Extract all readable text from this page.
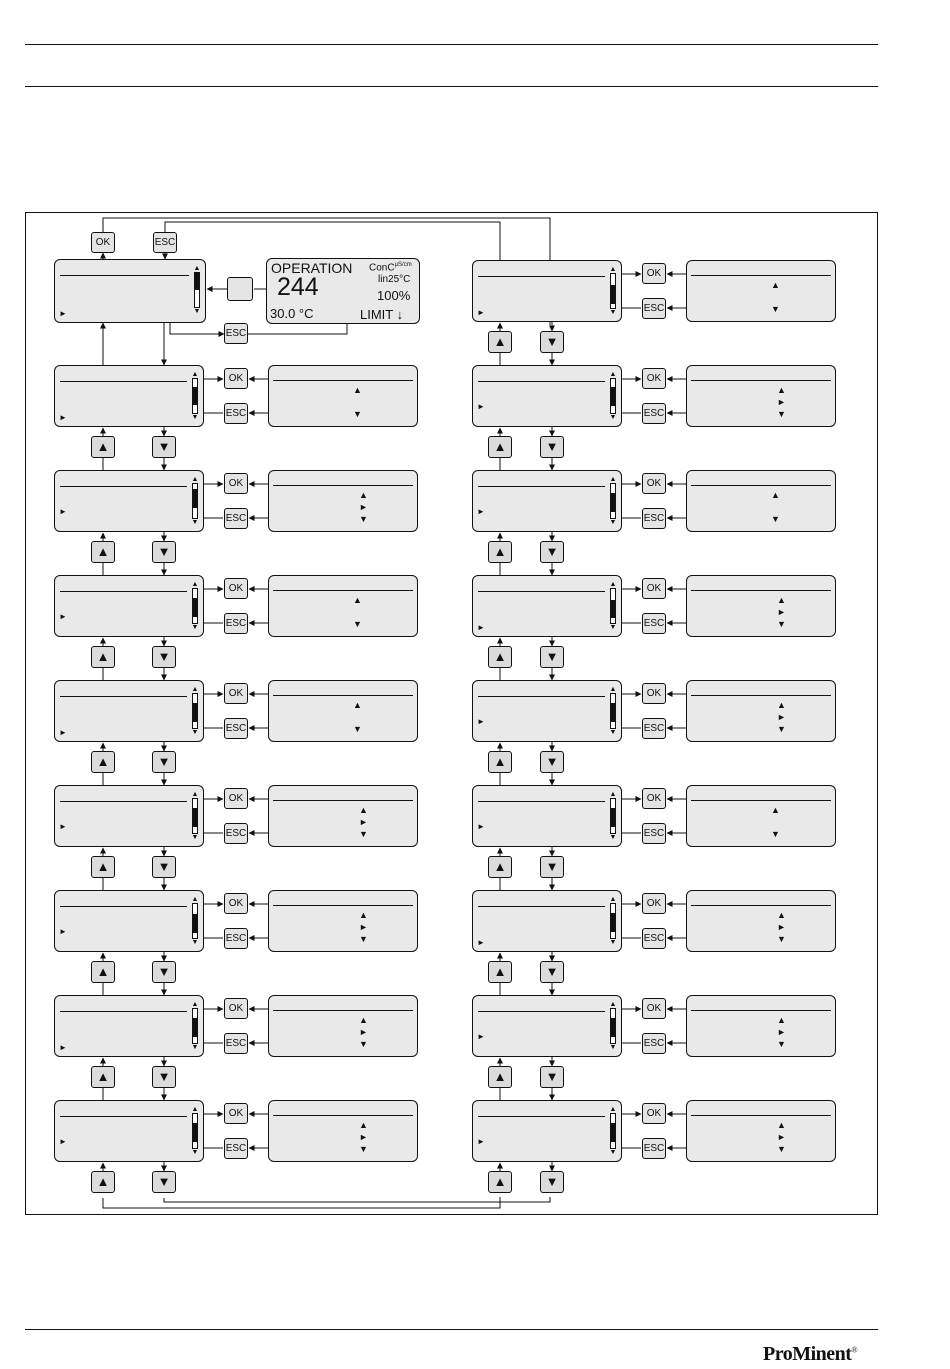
OK	ESC
►
▲
▼
OPERATION
244
30.0 °C
ConC$^{\mu S/cm}$
lin25°C
100%
LIMIT ↓
ESC
►
▲
▼
▲
▼
OK
ESC
▲	▼
►
▲
▼
▲
►
▼
OK
ESC
▲	▼
►
▲
▼
▲
▼
OK
ESC
▲	▼
►
▲
▼
▲
▼
OK
ESC
▲	▼
►
▲
▼
▲
►
▼
OK
ESC
▲	▼
►
▲
▼
▲
►
▼
OK
ESC
▲	▼
►
▲
▼
▲
►
▼
OK
ESC
▲	▼
►
▲
▼
▲
►
▼
OK
ESC
▲	▼
►
▲
▼
▲
▼
OK
ESC
▲	▼
►
▲
▼
▲
►
▼
OK
ESC
▲	▼
►
▲
▼
▲
▼
OK
ESC
▲	▼
►
▲
▼
▲
►
▼
OK
ESC
▲	▼
►
▲
▼
▲
►
▼
OK
ESC
▲	▼
►
▲
▼
▲
▼
OK
ESC
▲	▼
►
▲
▼
▲
►
▼
OK
ESC
▲	▼
►
▲
▼
▲
►
▼
OK
ESC
▲	▼
►
▲
▼
▲
►
▼
OK
ESC
▲	▼
ProMinent®
